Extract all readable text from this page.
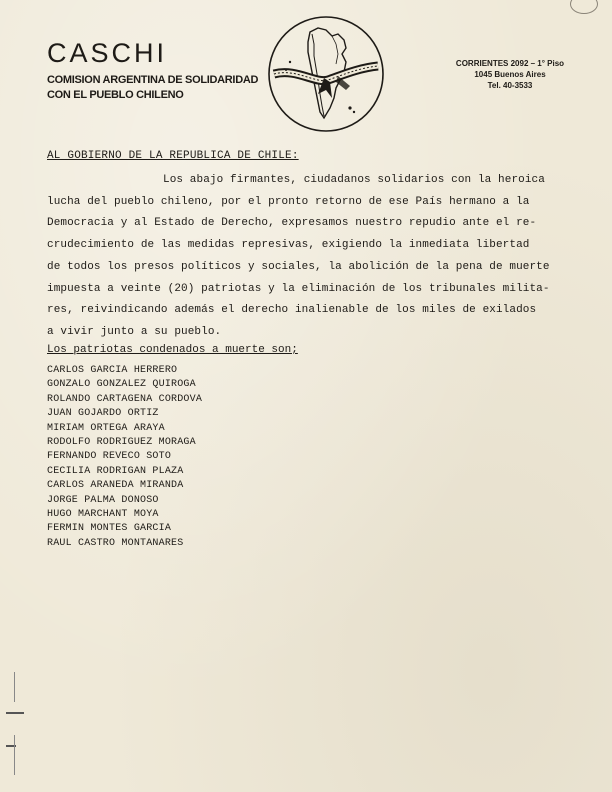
CASCHI
COMISION ARGENTINA DE SOLIDARIDAD
CON EL PUEBLO CHILENO
CORRIENTES 2092 – 1° Piso
1045 Buenos Aires
Tel. 40-3533
AL GOBIERNO DE LA REPUBLICA DE CHILE:
Los abajo firmantes, ciudadanos solidarios con la heroica
lucha del pueblo chileno, por el pronto retorno de ese País hermano a la
Democracia y al Estado de Derecho, expresamos nuestro repudio ante el re-
crudecimiento de las medidas represivas, exigiendo la inmediata libertad
de todos los presos políticos y sociales, la abolición de la pena de muerte
impuesta a veinte (20) patriotas y la eliminación de los tribunales milita-
res, reivindicando además el derecho inalienable de los miles de exilados
a vivir junto a su pueblo.
Los patriotas condenados a muerte son;
CARLOS GARCIA HERRERO
GONZALO GONZALEZ QUIROGA
ROLANDO CARTAGENA CORDOVA
JUAN GOJARDO ORTIZ
MIRIAM ORTEGA ARAYA
RODOLFO RODRIGUEZ MORAGA
FERNANDO REVECO SOTO
CECILIA RODRIGAN PLAZA
CARLOS ARANEDA MIRANDA
JORGE PALMA DONOSO
HUGO MARCHANT MOYA
FERMIN MONTES GARCIA
RAUL CASTRO MONTANARES
